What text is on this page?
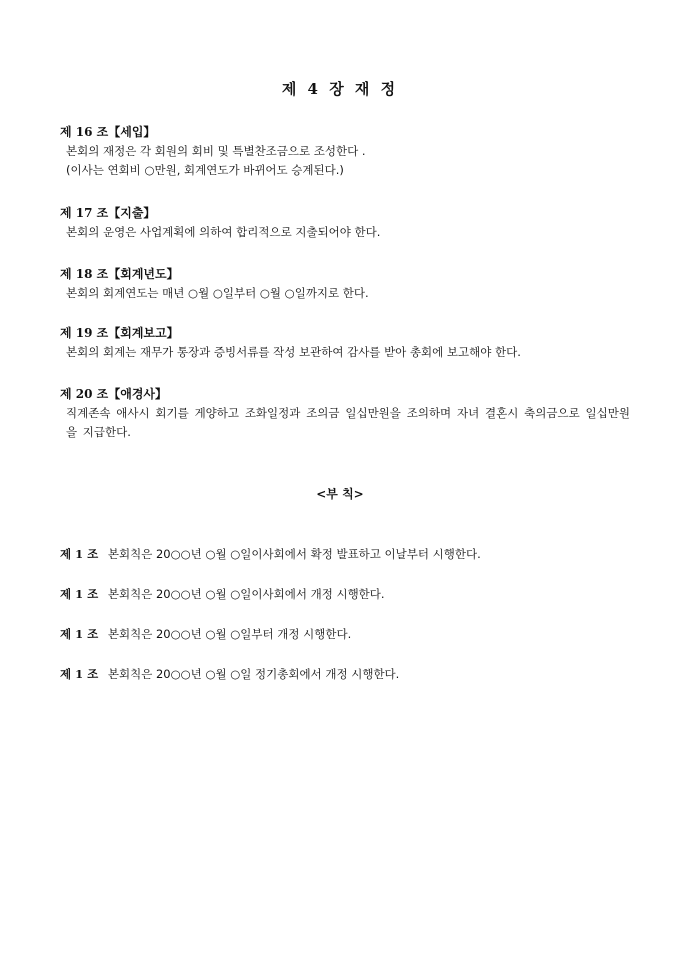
제 4 장 재 정
제 16 조【세입】
본회의 재정은 각 회원의 회비 및 특별찬조금으로 조성한다 .
(이사는 연회비 ○만원, 회계연도가 바뀌어도 승계된다.)
제 17 조【지출】
본회의 운영은 사업계획에 의하여 합리적으로 지출되어야 한다.
제 18 조【회계년도】
본회의 회계연도는 매년 ○월 ○일부터 ○월 ○일까지로 한다.
제 19 조【회계보고】
본회의 회계는 재무가 통장과 증빙서류를 작성 보관하여 감사를 받아 총회에 보고해야 한다.
제 20 조【애경사】
직계존속 애사시 회기를 게양하고 조화일정과 조의금 일십만원을 조의하며 자녀 결혼시 축의금으로 일십만원을 지급한다.
<부 칙>
제 1 조 본회칙은 20○○년 ○월 ○일이사회에서 확정 발표하고 이날부터 시행한다.
제 1 조 본회칙은 20○○년 ○월 ○일이사회에서 개정 시행한다.
제 1 조 본회칙은 20○○년 ○월 ○일부터 개정 시행한다.
제 1 조 본회칙은 20○○년 ○월 ○일 정기총회에서 개정 시행한다.
